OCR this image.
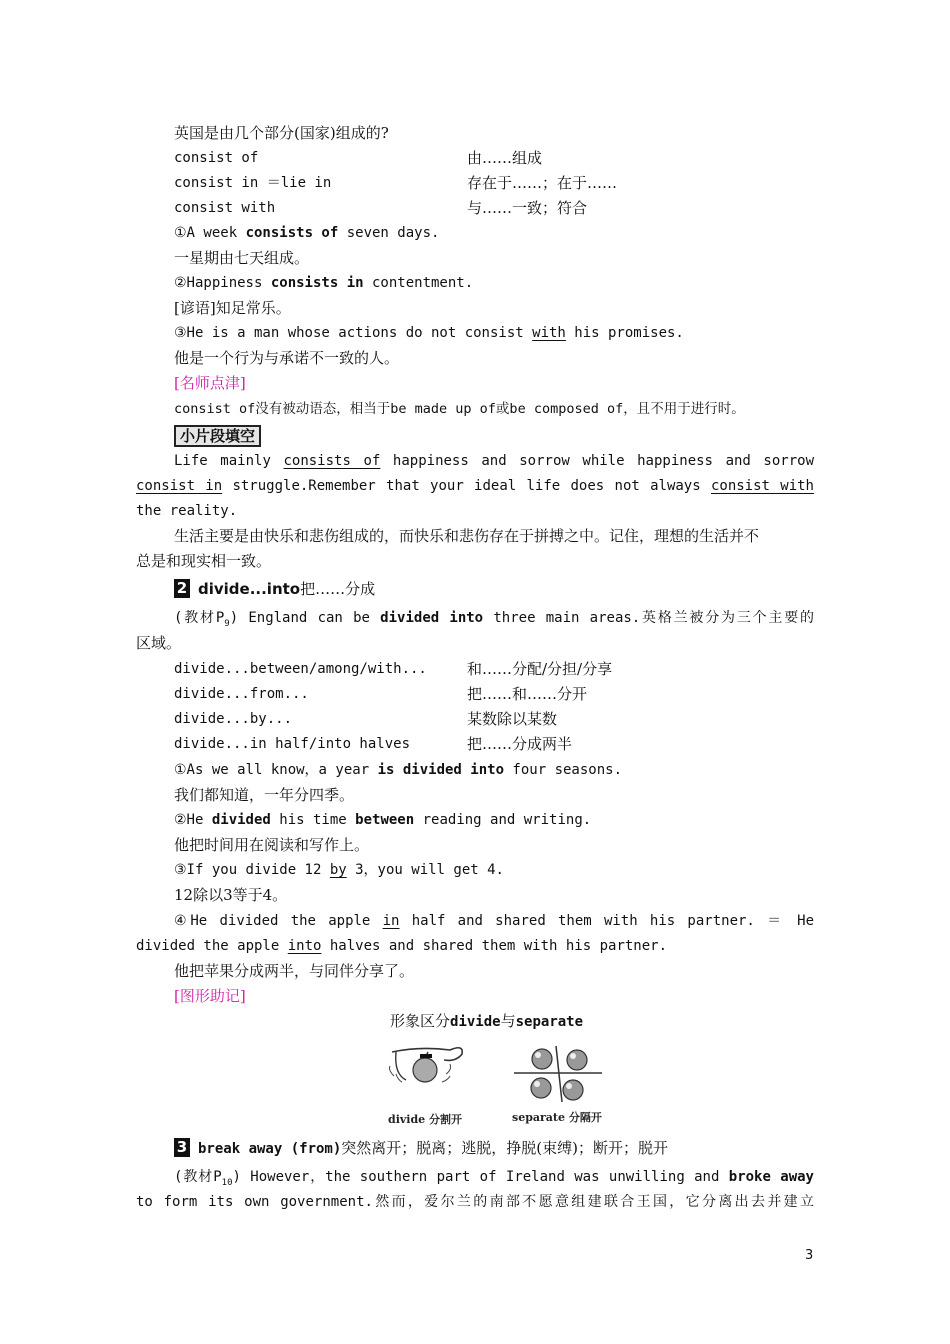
英国是由几个部分(国家)组成的?
consist of	由……组成
consist in ＝lie in	存在于……；在于……
consist with	与……一致；符合
①A week consists of seven days.
一星期由七天组成。
②Happiness consists in contentment.
[谚语]知足常乐。
③He is a man whose actions do not consist with his promises.
他是一个行为与承诺不一致的人。
[名师点津]
consist of没有被动语态，相当于be made up of或be composed of，且不用于进行时。
小片段填空
Life mainly consists of happiness and sorrow while happiness and sorrow
consist in struggle.Remember that your ideal life does not always consist with
the reality.
生活主要是由快乐和悲伤组成的，而快乐和悲伤存在于拼搏之中。记住，理想的生活并不
总是和现实相一致。
2 divide...into把……分成
(教材$P_9$) England can be divided into three main areas.英格兰被分为三个主要的
区域。
divide...between/among/with...	和……分配/分担/分享
divide...from...	把……和……分开
divide...by...	某数除以某数
divide...in half/into halves	把……分成两半
①As we all know，a year is divided into four seasons.
我们都知道，一年分四季。
②He divided his time between reading and writing.
他把时间用在阅读和写作上。
③If you divide 12 by 3，you will get 4.
12除以3等于4。
④He divided the apple in half and shared them with his partner. ＝ He
divided the apple into halves and shared them with his partner.
他把苹果分成两半，与同伴分享了。
[图形助记]
形象区分divide与separate
divide 分割开	separate 分隔开
3 break away (from)突然离开；脱离；逃脱，挣脱(束缚)；断开；脱开
(教材$P_{10}$) However，the southern part of Ireland was unwilling and broke away
to form its own government.然而，爱尔兰的南部不愿意组建联合王国，它分离出去并建立
3
